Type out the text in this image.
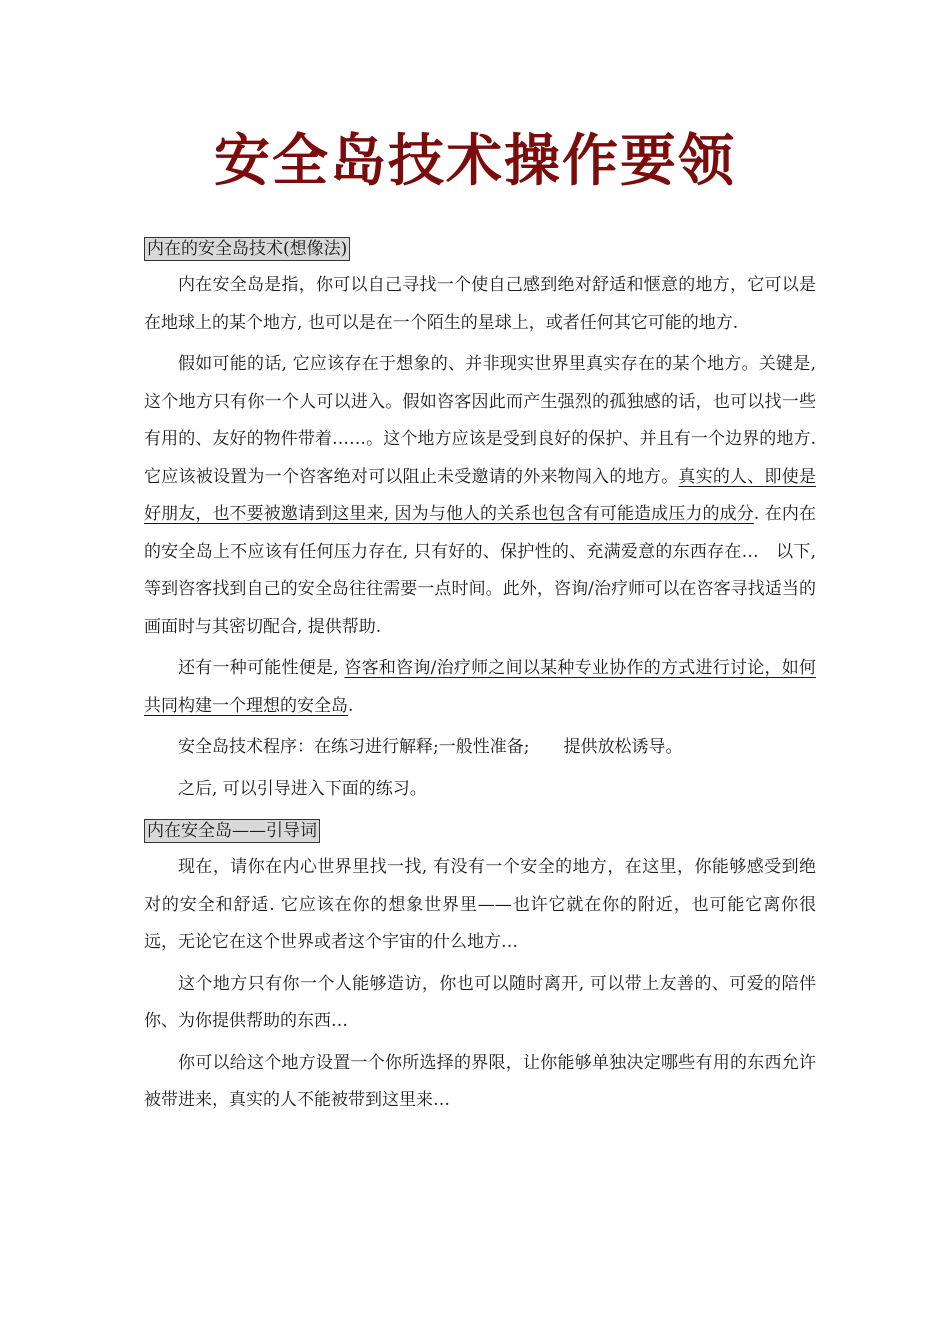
安全岛技术操作要领
内在的安全岛技术(想像法)

内在安全岛是指，你可以自己寻找一个使自己感到绝对舒适和惬意的地方，它可以是在地球上的某个地方, 也可以是在一个陌生的星球上，或者任何其它可能的地方.

假如可能的话, 它应该存在于想象的、并非现实世界里真实存在的某个地方。关键是, 这个地方只有你一个人可以进入。假如咨客因此而产生强烈的孤独感的话，也可以找一些有用的、友好的物件带着……。这个地方应该是受到良好的保护、并且有一个边界的地方. 它应该被设置为一个咨客绝对可以阻止未受邀请的外来物闯入的地方。真实的人、即使是好朋友，也不要被邀请到这里来, 因为与他人的关系也包含有可能造成压力的成分. 在内在的安全岛上不应该有任何压力存在, 只有好的、保护性的、充满爱意的东西存在…　以下, 等到咨客找到自己的安全岛往往需要一点时间。此外，咨询/治疗师可以在咨客寻找适当的画面时与其密切配合, 提供帮助.

还有一种可能性便是, 咨客和咨询/治疗师之间以某种专业协作的方式进行讨论，如何共同构建一个理想的安全岛.

安全岛技术程序：在练习进行解释;一般性准备;　　提供放松诱导。

之后, 可以引导进入下面的练习。

内在安全岛——引导词

现在，请你在内心世界里找一找, 有没有一个安全的地方，在这里，你能够感受到绝对的安全和舒适. 它应该在你的想象世界里——也许它就在你的附近，也可能它离你很远，无论它在这个世界或者这个宇宙的什么地方…

这个地方只有你一个人能够造访，你也可以随时离开, 可以带上友善的、可爱的陪伴你、为你提供帮助的东西…

你可以给这个地方设置一个你所选择的界限，让你能够单独决定哪些有用的东西允许被带进来，真实的人不能被带到这里来…
